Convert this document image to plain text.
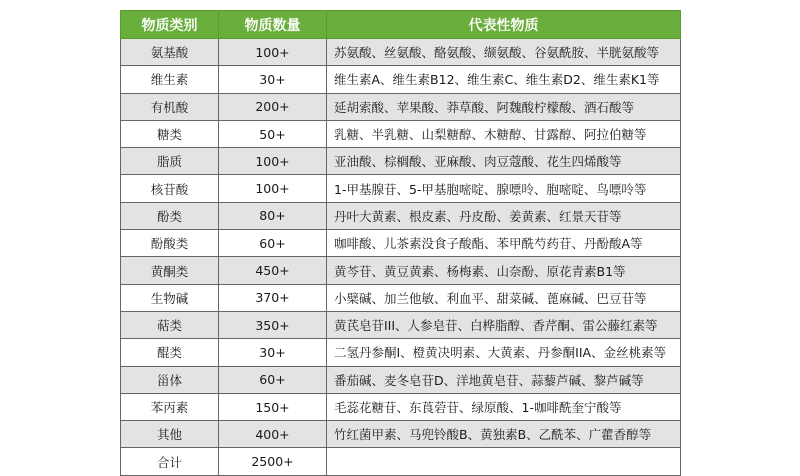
物质类别	物质数量	代表性物质
氨基酸	100+	苏氨酸、丝氨酸、酪氨酸、缬氨酸、谷氨酰胺、半胱氨酸等
维生素	30+	维生素A、维生素B12、维生素C、维生素D2、维生素K1等
有机酸	200+	延胡索酸、苹果酸、莽草酸、阿魏酸柠檬酸、酒石酸等
糖类	50+	乳糖、半乳糖、山梨糖醇、木糖醇、甘露醇、阿拉伯糖等
脂质	100+	亚油酸、棕榈酸、亚麻酸、肉豆蔻酸、花生四烯酸等
核苷酸	100+	1-甲基腺苷、5-甲基胞嘧啶、腺嘌呤、胞嘧啶、鸟嘌呤等
酚类	80+	丹叶大黄素、根皮素、丹皮酚、姜黄素、红景天苷等
酚酸类	60+	咖啡酸、儿茶素没食子酸酯、苯甲酰芍药苷、丹酚酸A等
黄酮类	450+	黄芩苷、黄豆黄素、杨梅素、山奈酚、原花青素B1等
生物碱	370+	小檗碱、加兰他敏、利血平、甜菜碱、蓖麻碱、巴豆苷等
萜类	350+	黄芪皂苷III、人参皂苷、白桦脂醇、香芹酮、雷公藤红素等
醌类	30+	二氢丹参酮I、橙黄决明素、大黄素、丹参酮IIA、金丝桃素等
甾体	60+	番茄碱、麦冬皂苷D、洋地黄皂苷、蒜藜芦碱、黎芦碱等
苯丙素	150+	毛蕊花糖苷、东莨菪苷、绿原酸、1-咖啡酰奎宁酸等
其他	400+	竹红菌甲素、马兜铃酸B、黄独素B、乙酰苯、广藿香醇等
合计	2500+	
